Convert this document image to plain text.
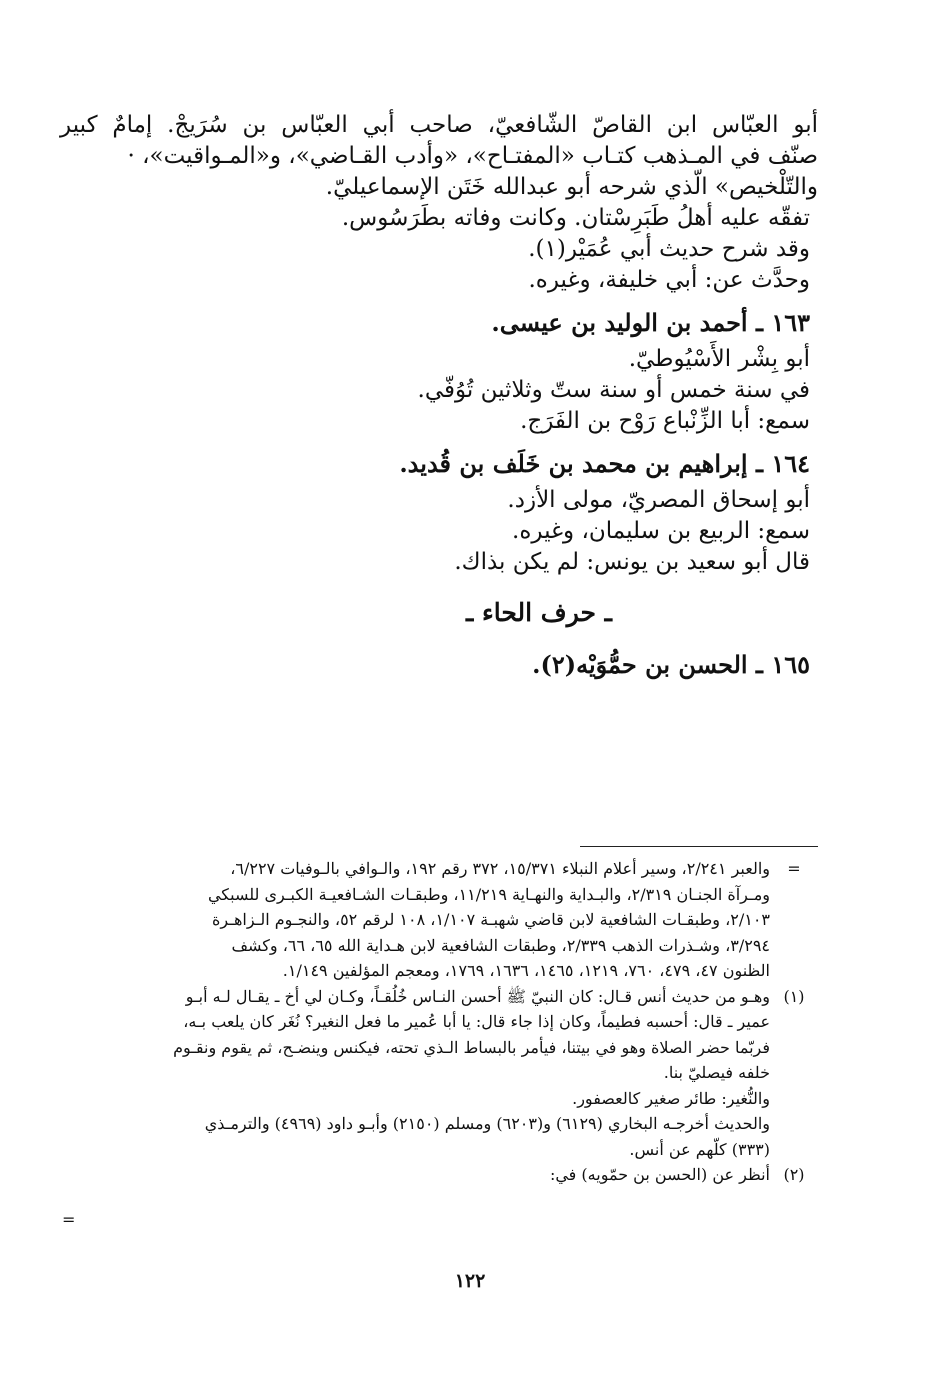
أبو العبّاس ابن القاصّ الشّافعيّ، صاحب أبي العبّاس بن سُرَيجْ. إمامٌ كبير
صنّف في المـذهب كتـاب «المفتـاح»، «وأدب القـاضي»، و«المـواقيت»، ·
والتّلْخيص» الّذي شرحه أبو عبدالله خَتَن الإسماعيليّ.
تفقّه عليه أهلُ طَبَرِسْتان. وكانت وفاته بطَرَسُوس.
وقد شرح حديث أبي عُمَيْر(١).
وحدَّث عن: أبي خليفة، وغيره.
١٦٣ ـ أحمد بن الوليد بن عيسى.
أبو بِشْر الأَسْيُوطيّ.
في سنة خمس أو سنة ستّ وثلاثين تُوُفّي.
سمع: أبا الزِّنْباع رَوْح بن الفَرَج.
١٦٤ ـ إبراهيم بن محمد بن خَلَف بن قُديد.
أبو إسحاق المصريّ، مولى الأزد.
سمع: الربيع بن سليمان، وغيره.
قال أبو سعيد بن يونس: لم يكن بذاك.
ـ حرف الحاء ـ
١٦٥ ـ الحسن بن حمُّوَيْه(٢).
=
والعبر ٢/٢٤١، وسير أعلام النبلاء ١٥/٣٧١، ٣٧٢ رقم ١٩٢، والـوافي بالـوفيات ٦/٢٢٧،
ومـرآة الجنـان ٢/٣١٩، والبـداية والنهـاية ١١/٢١٩، وطبقـات الشـافعيـة الكبـرى للسبكي
٢/١٠٣، وطبقـات الشافعية لابن قاضي شهبـة ١/١٠٧، ١٠٨ لرقم ٥٢، والنجـوم الـزاهـرة
٣/٢٩٤، وشـذرات الذهب ٢/٣٣٩، وطبقات الشافعية لابن هـداية الله ٦٥، ٦٦، وكشف
الظنون ٤٧، ٤٧٩، ٧٦٠، ١٢١٩، ١٤٦٥، ١٦٣٦، ١٧٦٩، ومعجم المؤلفين ١/١٤٩.
(١)
وهـو من حديث أنس قـال: كان النبيّ ﷺ أحسن النـاس خُلُقـاً، وكـان لي أخ ـ يقـال لـه أبـو
عمير ـ قال: أحسبه فطيماً، وكان إذا جاء قال: يا أبا عُمير ما فعل النغير؟ نُغَر كان يلعب بـه،
فربّما حضر الصلاة وهو في بيتنا، فيأمر بالبساط الـذي تحته، فيكنس وينضـح، ثم يقوم ونقـوم
خلفه فيصليّ بنا.
والنُّغير: طائر صغير كالعصفور.
والحديث أخرجـه البخاري (٦١٢٩) و(٦٢٠٣) ومسلم (٢١٥٠) وأبـو داود (٤٩٦٩) والترمـذي
(٣٣٣) كلّهم عن أنس.
(٢)
أنظر عن (الحسن بن حمّويه) في:
=
١٢٢
